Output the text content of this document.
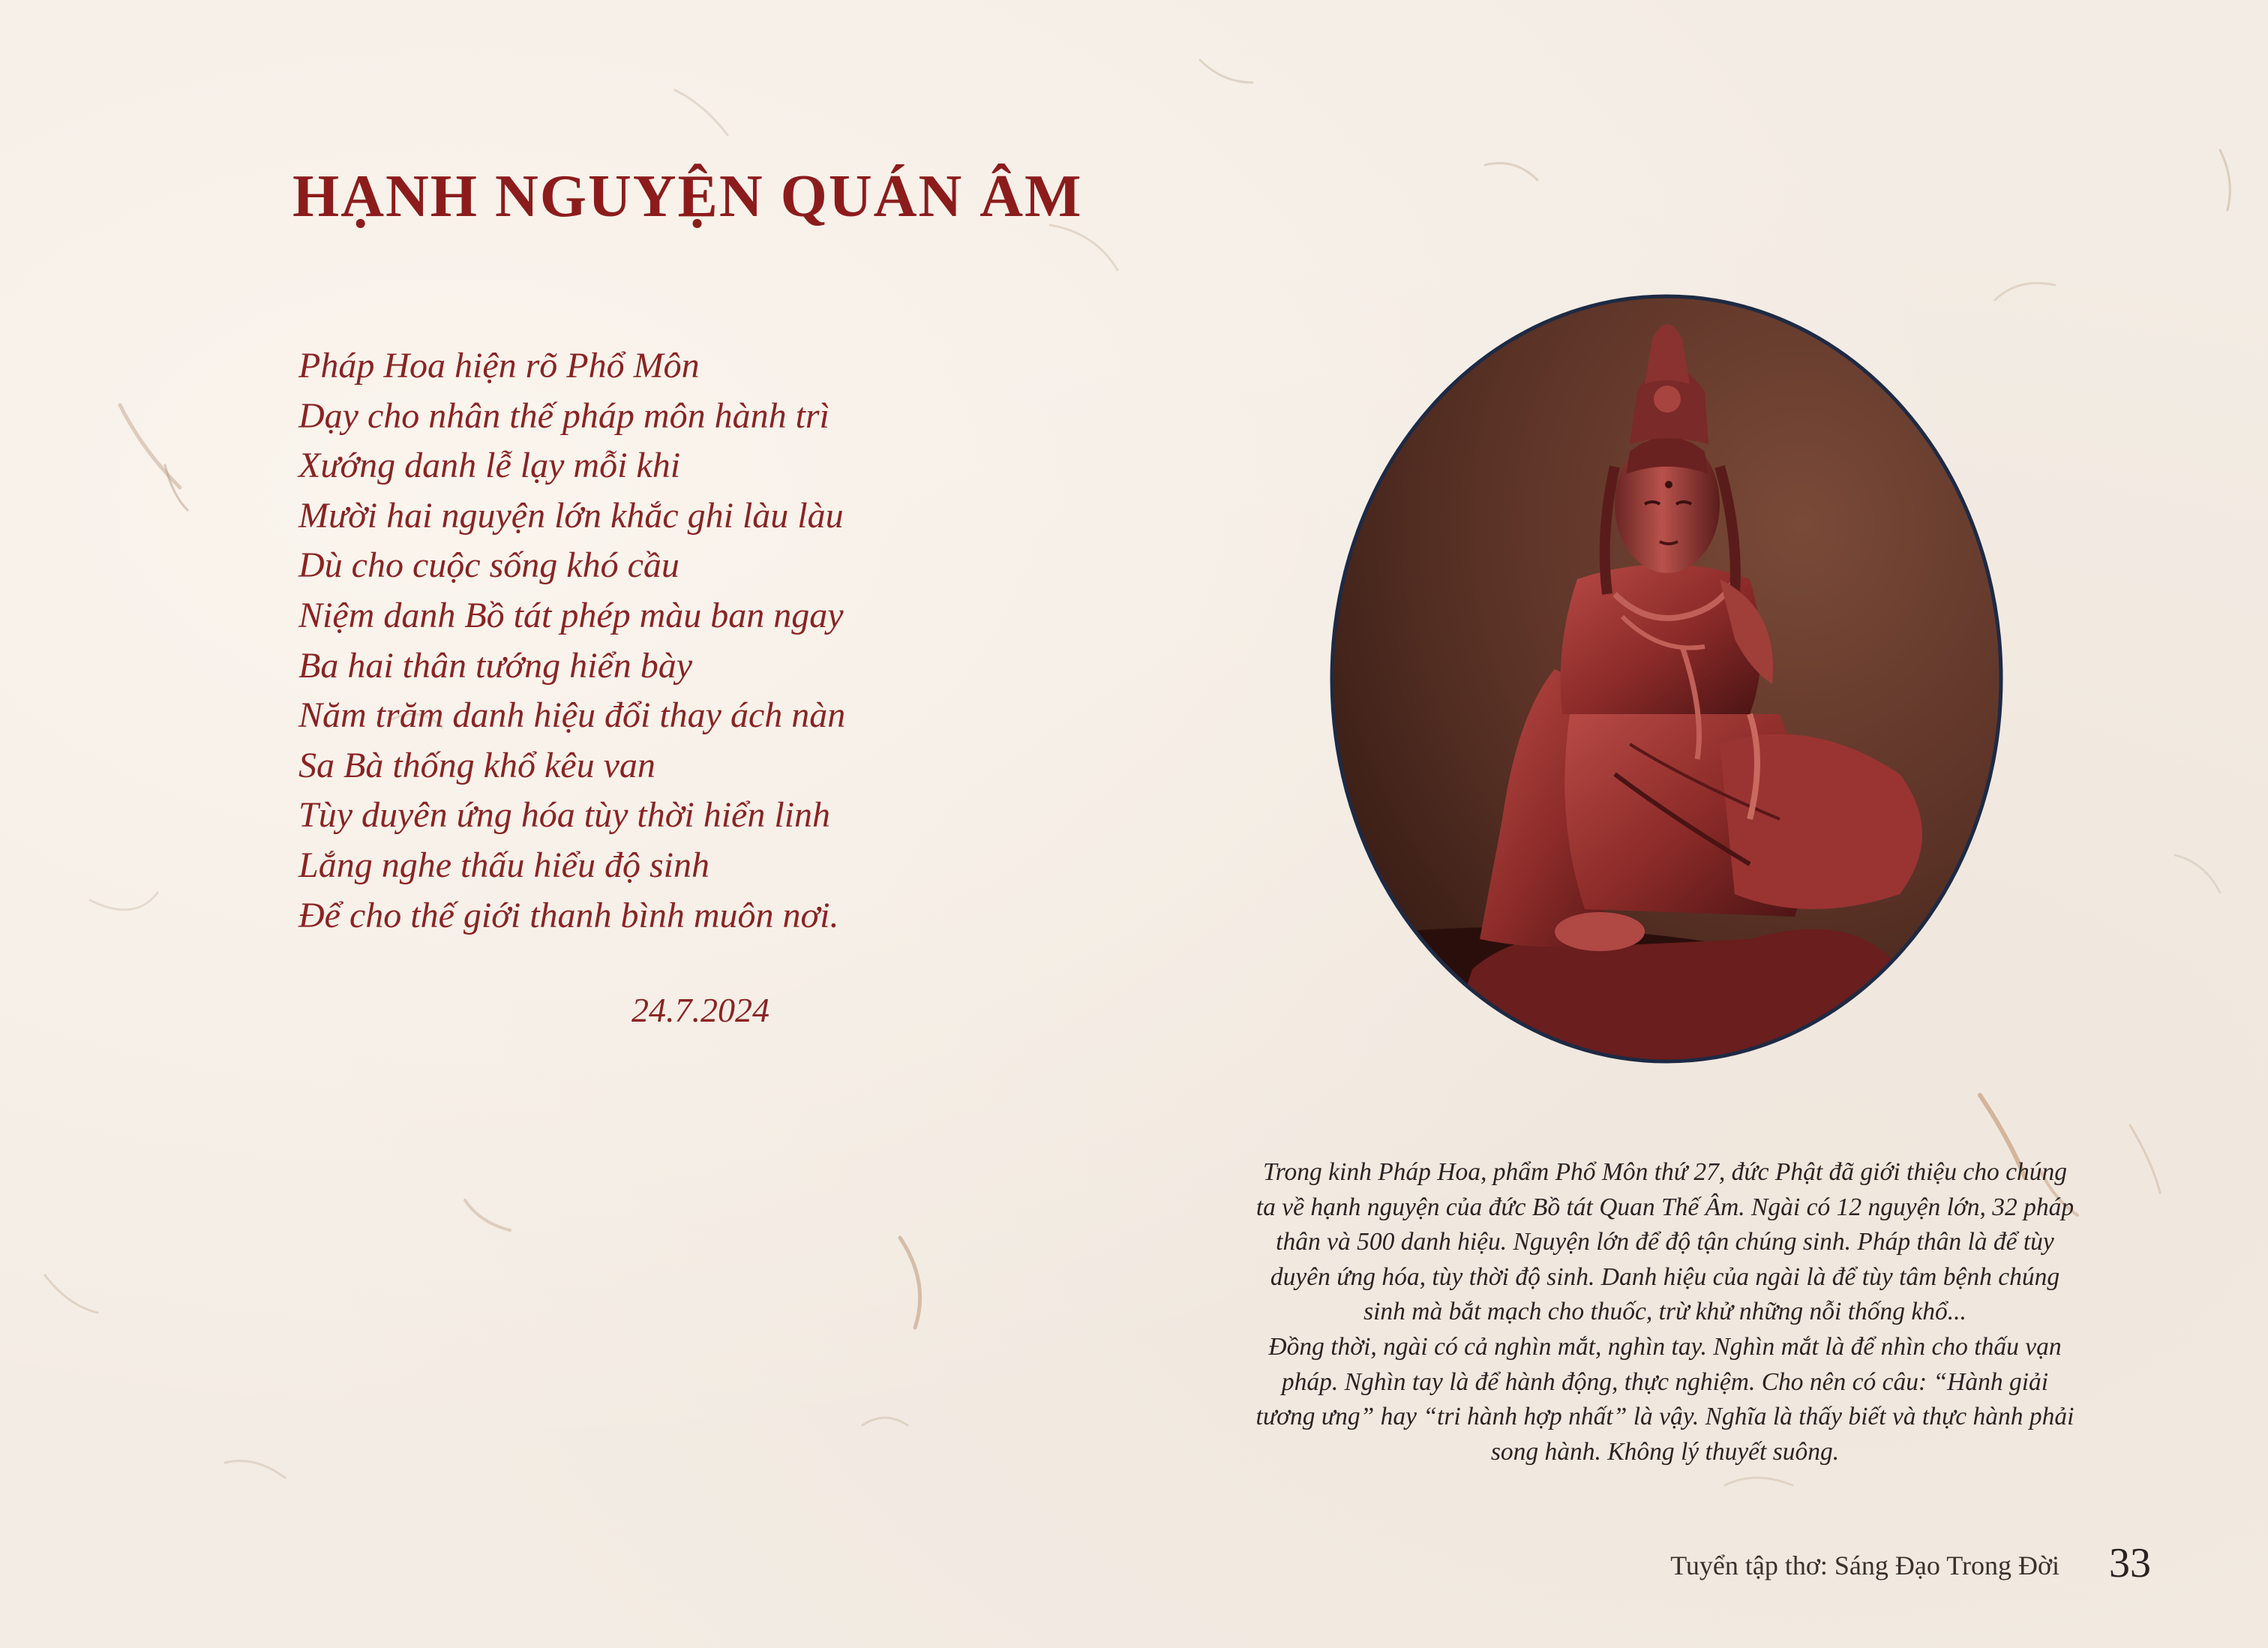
HẠNH NGUYỆN QUÁN ÂM
Pháp Hoa hiện rõ Phổ Môn
Dạy cho nhân thế pháp môn hành trì
Xướng danh lễ lạy mỗi khi
Mười hai nguyện lớn khắc ghi làu làu
Dù cho cuộc sống khó cầu
Niệm danh Bồ tát phép màu ban ngay
Ba hai thân tướng hiển bày
Năm trăm danh hiệu đổi thay ách nàn
Sa Bà thống khổ kêu van
Tùy duyên ứng hóa tùy thời hiển linh
Lắng nghe thấu hiểu độ sinh
Để cho thế giới thanh bình muôn nơi.
24.7.2024

Trong kinh Pháp Hoa, phẩm Phổ Môn thứ 27, đức Phật đã giới thiệu cho chúng

ta về hạnh nguyện của đức Bồ tát Quan Thế Âm. Ngài có 12 nguyện lớn, 32 pháp

thân và 500 danh hiệu. Nguyện lớn để độ tận chúng sinh. Pháp thân là để tùy

duyên ứng hóa, tùy thời độ sinh. Danh hiệu của ngài là để tùy tâm bệnh chúng

sinh mà bắt mạch cho thuốc, trừ khử những nỗi thống khổ...

Đồng thời, ngài có cả nghìn mắt, nghìn tay. Nghìn mắt là để nhìn cho thấu vạn

pháp. Nghìn tay là để hành động, thực nghiệm. Cho nên có câu: “Hành giải

tương ưng” hay “tri hành hợp nhất” là vậy. Nghĩa là thấy biết và thực hành phải

song hành. Không lý thuyết suông.

Tuyển tập thơ: Sáng Đạo Trong Đời 33
